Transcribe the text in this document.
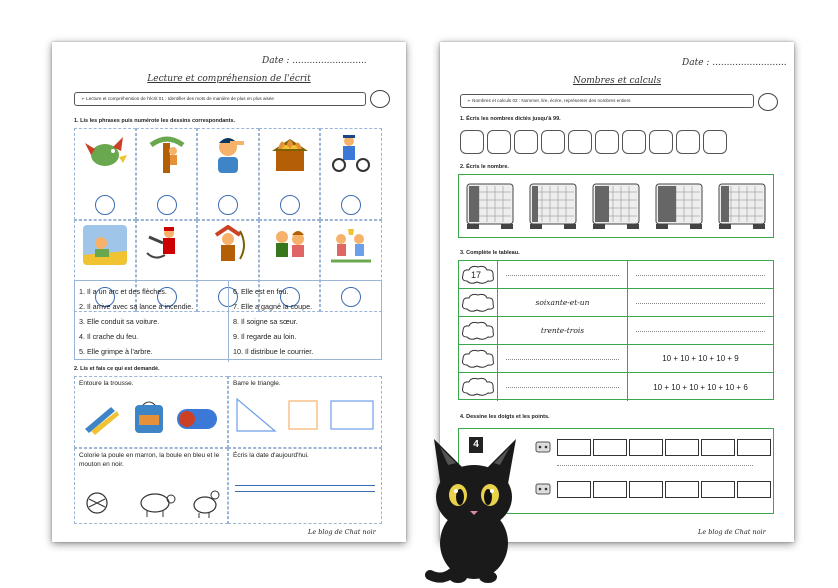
Date : ..........................
Lecture et compréhension de l'écrit
➢ Lecture et compréhension de l'écrit 01 : Identifier des mots de manière de plus en plus aisée
1. Lis les phrases puis numérote les dessins correspondants.
1. Il a un arc et des flèches.
2. Il arrive avec sa lance à incendie.
3. Elle conduit sa voiture.
4. Il crache du feu.
5. Elle grimpe à l'arbre.
6. Elle est en feu.
7. Elle a gagné la coupe.
8. Il soigne sa sœur.
9. Il regarde au loin.
10. Il distribue le courrier.
2. Lis et fais ce qui est demandé.
Entoure la trousse.	Barre le triangle.
Colorie la poule en marron, la boule en bleu et le mouton en noir.
Écris la date d'aujourd'hui.
Le blog de Chat noir
Date : ..........................
Nombres et calculs
➢ Nombres et calculs 02 : Nommer, lire, écrire, représenter des nombres entiers
1. Écris les nombres dictés jusqu'à 99.
2. Écris le nombre.
3. Complète le tableau.
17
soixante-et-un
trente-trois
10 + 10 + 10 + 10 + 9
10 + 10 + 10 + 10 + 10 + 6
4. Dessine les doigts et les points.
4
Le blog de Chat noir
